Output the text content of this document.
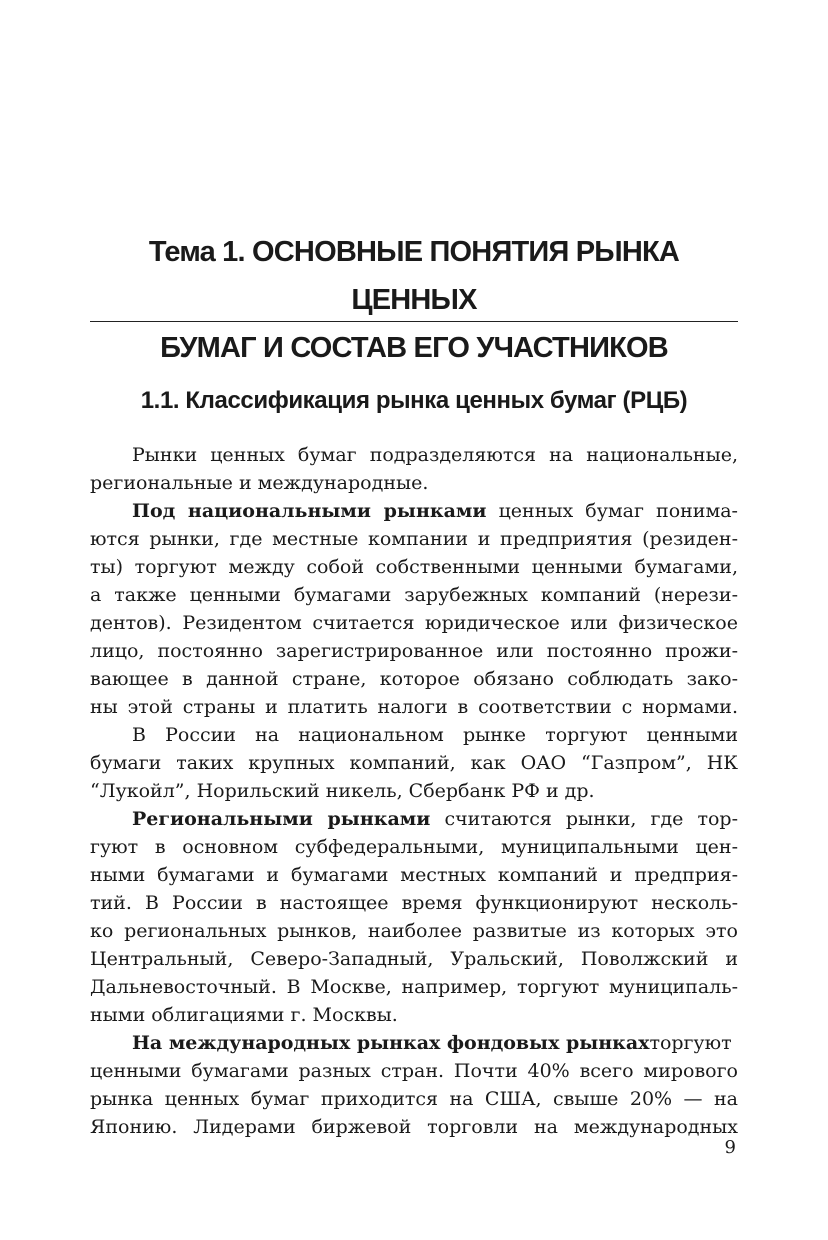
Тема 1. ОСНОВНЫЕ ПОНЯТИЯ РЫНКА ЦЕННЫХ
БУМАГ И СОСТАВ ЕГО УЧАСТНИКОВ
1.1. Классификация рынка ценных бумаг (РЦБ)
Рынки ценных бумаг подразделяются на национальные,
региональные и международные.
Под национальными рынками ценных бумаг понима-
ются рынки, где местные компании и предприятия (резиден-
ты) торгуют между собой собственными ценными бумагами,
а также ценными бумагами зарубежных компаний (нерези-
дентов). Резидентом считается юридическое или физическое
лицо, постоянно зарегистрированное или постоянно прожи-
вающее в данной стране, которое обязано соблюдать зако-
ны этой страны и платить налоги в соответствии с нормами.
В России на национальном рынке торгуют ценными
бумаги таких крупных компаний, как ОАО “Газпром”, НК
“Лукойл”, Норильский никель, Сбербанк РФ и др.
Региональными рынками считаются рынки, где тор-
гуют в основном субфедеральными, муниципальными цен-
ными бумагами и бумагами местных компаний и предприя-
тий. В России в настоящее время функционируют несколь-
ко региональных рынков, наиболее развитые из которых это
Центральный, Северо-Западный, Уральский, Поволжский и
Дальневосточный. В Москве, например, торгуют муниципаль-
ными облигациями г. Москвы.
На международных рынках фондовых рынкахторгуют
ценными бумагами разных стран. Почти 40% всего мирового
рынка ценных бумаг приходится на США, свыше 20% — на
Японию. Лидерами биржевой торговли на международных
9
